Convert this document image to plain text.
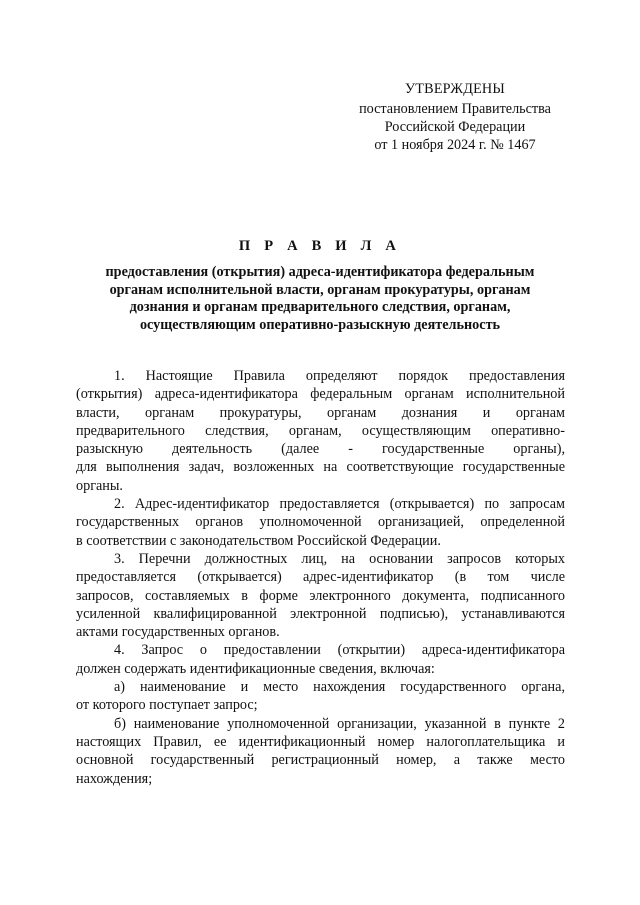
УТВЕРЖДЕНЫ
постановлением Правительства
Российской Федерации
от 1 ноября 2024 г. № 1467
П Р А В И Л А
предоставления (открытия) адреса-идентификатора федеральным
органам исполнительной власти, органам прокуратуры, органам
дознания и органам предварительного следствия, органам,
осуществляющим оперативно-разыскную деятельность
1. Настоящие Правила определяют порядок предоставления
(открытия) адреса-идентификатора федеральным органам исполнительной
власти, органам прокуратуры, органам дознания и органам
предварительного следствия, органам, осуществляющим оперативно-
разыскную деятельность (далее - государственные органы),
для выполнения задач, возложенных на соответствующие государственные
органы.
2. Адрес-идентификатор предоставляется (открывается) по запросам
государственных органов уполномоченной организацией, определенной
в соответствии с законодательством Российской Федерации.
3. Перечни должностных лиц, на основании запросов которых
предоставляется (открывается) адрес-идентификатор (в том числе
запросов, составляемых в форме электронного документа, подписанного
усиленной квалифицированной электронной подписью), устанавливаются
актами государственных органов.
4. Запрос о предоставлении (открытии) адреса-идентификатора
должен содержать идентификационные сведения, включая:
а) наименование и место нахождения государственного органа,
от которого поступает запрос;
б) наименование уполномоченной организации, указанной в пункте 2
настоящих Правил, ее идентификационный номер налогоплательщика и
основной государственный регистрационный номер, а также место
нахождения;
